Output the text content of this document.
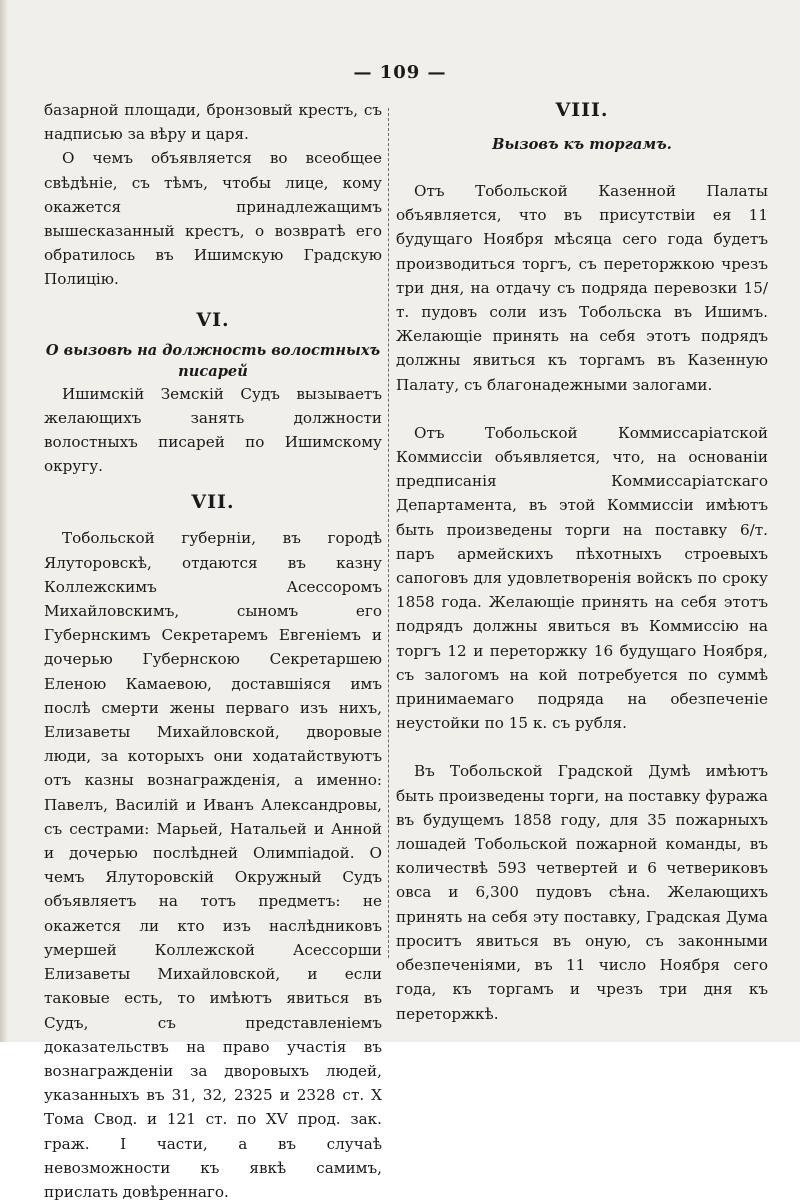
— 109 —

базарной площади, бронзовый крестъ, съ надписью за вѣру и царя.

О чемъ объявляется во всеобщее свѣдѣніе, съ тѣмъ, чтобы лице, кому окажется принадлежащимъ вышесказанный крестъ, о возвратѣ его обратилось въ Ишимскую Градскую Полицію.

VI.
О вызовѣ на должность волостныхъ писарей

Ишимскій Земскій Судъ вызываетъ желающихъ занять должности волостныхъ писарей по Ишимскому округу.

VII.

Тобольской губерніи, въ городѣ Ялуторовскѣ, отдаются въ казну Коллежскимъ Асессоромъ Михайловскимъ, сыномъ его Губернскимъ Секретаремъ Евгеніемъ и дочерью Губернскою Секретаршею Еленою Камаевою, доставшіяся имъ послѣ смерти жены перваго изъ нихъ, Елизаветы Михайловской, дворовые люди, за которыхъ они ходатайствуютъ отъ казны вознагражденія, а именно: Павелъ, Василій и Иванъ Александровы, съ сестрами: Марьей, Натальей и Анной и дочерью послѣдней Олимпіадой. О чемъ Ялуторовскій Окружный Судъ объявляетъ на тотъ предметъ: не окажется ли кто изъ наслѣдниковъ умершей Коллежской Асессорши Елизаветы Михайловской, и если таковые есть, то имѣютъ явиться въ Судъ, съ представленіемъ доказательствъ на право участія въ вознагражденіи за дворовыхъ людей, указанныхъ въ 31, 32, 2325 и 2328 ст. X Тома Свод. и 121 ст. по XV прод. зак. граж. I части, а въ случаѣ невозможности къ явкѣ самимъ, прислать довѣреннаго.

VIII.
Вызовъ къ торгамъ.

Отъ Тобольской Казенной Палаты объявляется, что въ присутствіи ея 11 будущаго Ноября мѣсяца сего года будетъ производиться торгъ, съ переторжкою чрезъ три дня, на отдачу съ подряда перевозки 15/т. пудовъ соли изъ Тобольска въ Ишимъ. Желающіе принять на себя этотъ подрядъ должны явиться къ торгамъ въ Казенную Палату, съ благонадежными залогами.

Отъ Тобольской Коммиссаріатской Коммиссіи объявляется, что, на основаніи предписанія Коммиссаріатскаго Департамента, въ этой Коммиссіи имѣютъ быть произведены торги на поставку 6/т. паръ армейскихъ пѣхотныхъ строевыхъ сапоговъ для удовлетворенія войскъ по сроку 1858 года. Желающіе принять на себя этотъ подрядъ должны явиться въ Коммиссію на торгъ 12 и переторжку 16 будущаго Ноября, съ залогомъ на кой потребуется по суммѣ принимаемаго подряда на обезпеченіе неустойки по 15 к. съ рубля.

Въ Тобольской Градской Думѣ имѣютъ быть произведены торги, на поставку фуража въ будущемъ 1858 году, для 35 пожарныхъ лошадей Тобольской пожарной команды, въ количествѣ 593 четвертей и 6 четвериковъ овса и 6,300 пудовъ сѣна. Желающихъ принять на себя эту поставку, Градская Дума проситъ явиться въ оную, съ законными обезпеченіями, въ 11 число Ноября сего года, къ торгамъ и чрезъ три дня къ переторжкѣ.
